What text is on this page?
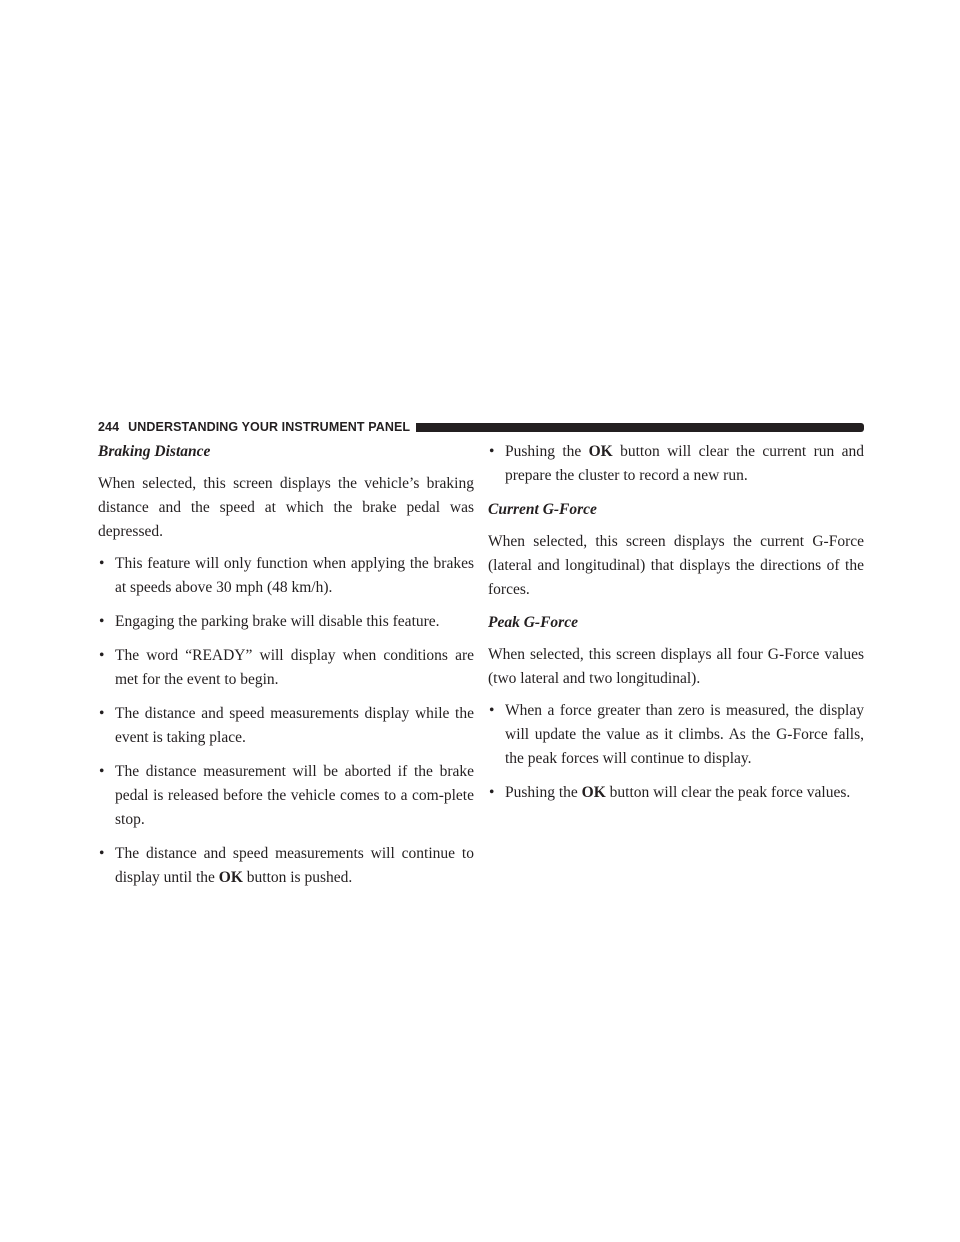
244 UNDERSTANDING YOUR INSTRUMENT PANEL

Braking Distance

When selected, this screen displays the vehicle’s braking distance and the speed at which the brake pedal was depressed.

• This feature will only function when applying the brakes at speeds above 30 mph (48 km/h).
• Engaging the parking brake will disable this feature.
• The word “READY” will display when conditions are met for the event to begin.
• The distance and speed measurements display while the event is taking place.
• The distance measurement will be aborted if the brake pedal is released before the vehicle comes to a com-plete stop.
• The distance and speed measurements will continue to display until the OK button is pushed.
• Pushing the OK button will clear the current run and prepare the cluster to record a new run.

Current G-Force

When selected, this screen displays the current G-Force (lateral and longitudinal) that displays the directions of the forces.

Peak G-Force

When selected, this screen displays all four G-Force values (two lateral and two longitudinal).

• When a force greater than zero is measured, the display will update the value as it climbs. As the G-Force falls, the peak forces will continue to display.
• Pushing the OK button will clear the peak force values.
